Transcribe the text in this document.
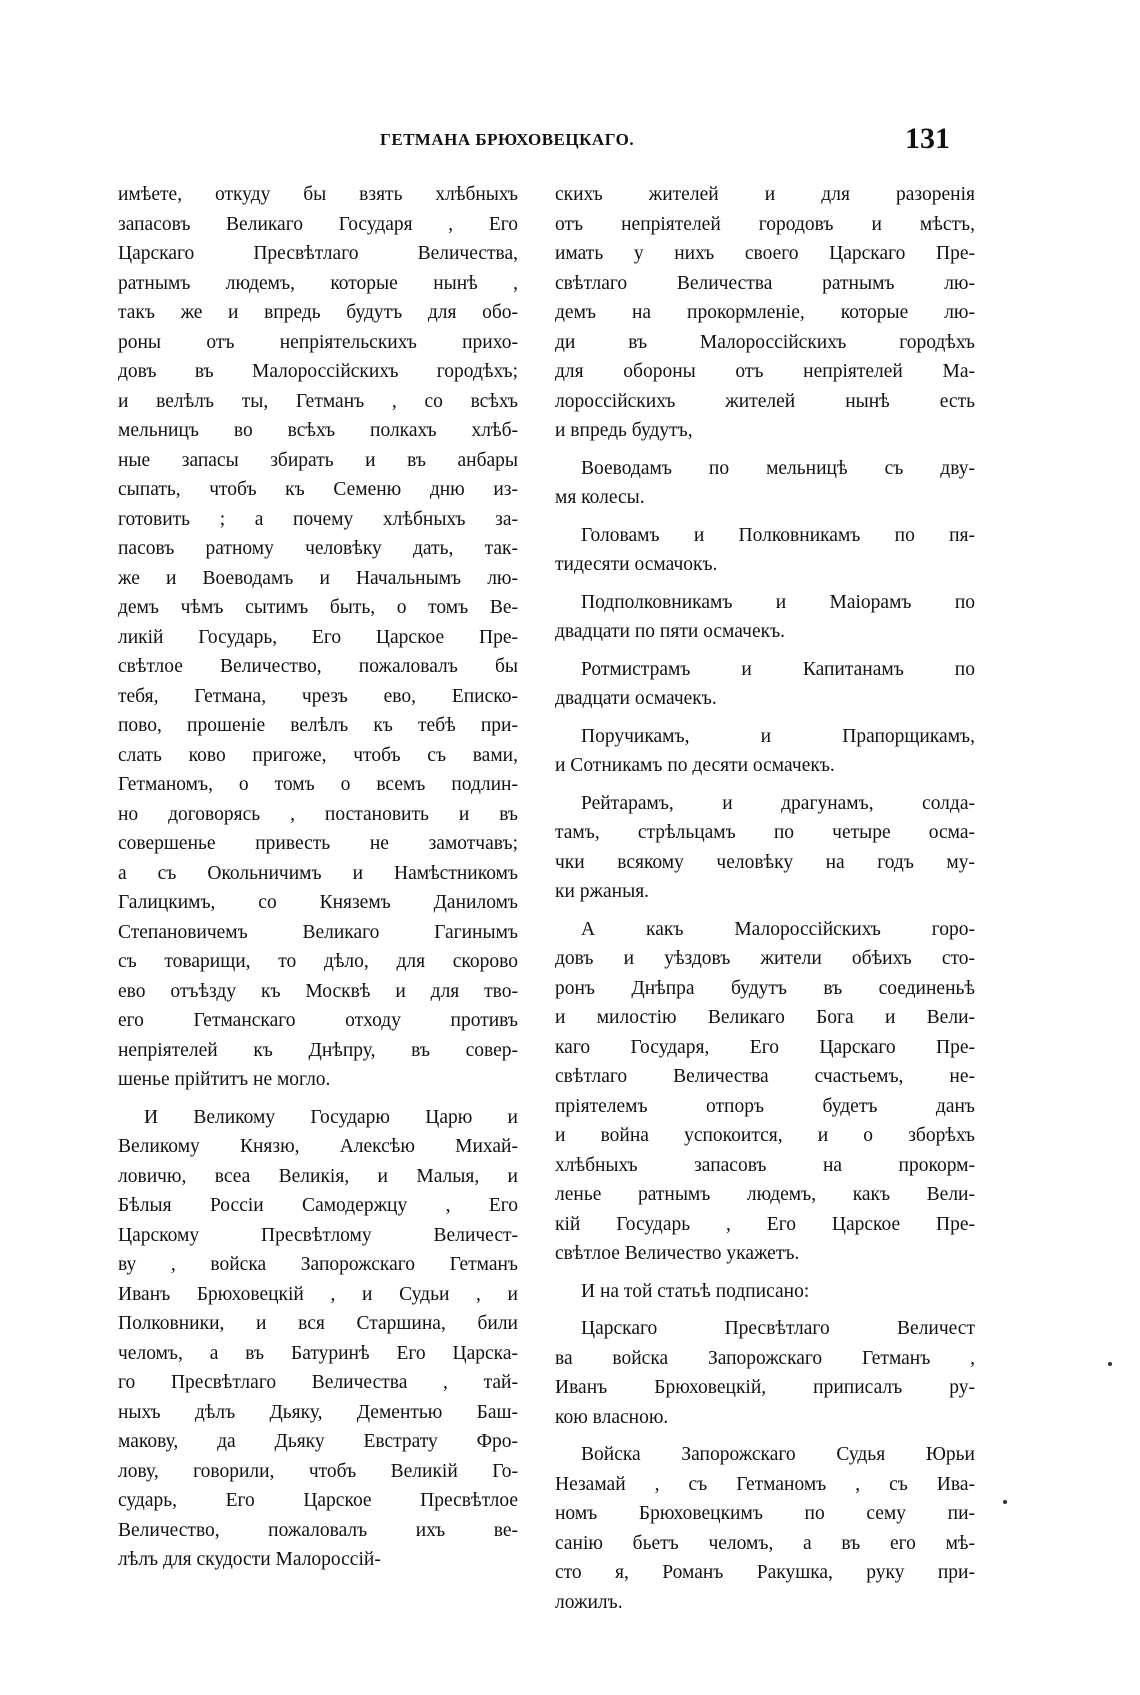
ГЕТМАНА БРЮХОВЕЦКАГО.	131
имѣете, откуду бы взять хлѣбныхъ
запасовъ Великаго Государя , Его
Царскаго Пресвѣтлаго Величества,
ратнымъ людемъ, которые нынѣ ,
такъ же и впредь будутъ для обо-
роны отъ непріятельскихъ прихо-
довъ въ Малороссійскихъ городѣхъ;
и велѣлъ ты, Гетманъ , со всѣхъ
мельницъ во всѣхъ полкахъ хлѣб-
ные запасы збирать и въ анбары
сыпать, чтобъ къ Семеню дню из-
готовить ; а почему хлѣбныхъ за-
пасовъ ратному человѣку дать, так-
же и Воеводамъ и Начальнымъ лю-
демъ чѣмъ сытимъ быть, о томъ Ве-
ликій Государь, Его Царское Пре-
свѣтлое Величество, пожаловалъ бы
тебя, Гетмана, чрезъ ево, Еписко-
пово, прошеніе велѣлъ къ тебѣ при-
слать ково пригоже, чтобъ съ вами,
Гетманомъ, о томъ о всемъ подлин-
но договорясь , постановить и въ
совершенье привесть не замотчавъ;
а съ Окольничимъ и Намѣстникомъ
Галицкимъ, со Княземъ Даниломъ
Степановичемъ Великаго Гагинымъ
съ товарищи, то дѣло, для скорово
ево отъѣзду къ Москвѣ и для тво-
его Гетманскаго отходу противъ
непріятелей къ Днѣпру, въ совер-
шенье прійтитъ не могло.
И Великому Государю Царю и
Великому Князю, Алексѣю Михай-
ловичю, всеа Великія, и Малыя, и
Бѣлыя Россіи Самодержцу , Его
Царскому Пресвѣтлому Величест-
ву , войска Запорожскаго Гетманъ
Иванъ Брюховецкій , и Судьи , и
Полковники, и вся Старшина, били
челомъ, а въ Батуринѣ Его Царска-
го Пресвѣтлаго Величества , тай-
ныхъ дѣлъ Дьяку, Дементью Баш-
макову, да Дьяку Евстрату Фро-
лову, говорили, чтобъ Великій Го-
сударь, Его Царское Пресвѣтлое
Величество, пожаловалъ ихъ ве-
лѣлъ для скудости Малороссій-
скихъ жителей и для разоренія
отъ непріятелей городовъ и мѣстъ,
имать у нихъ своего Царскаго Пре-
свѣтлаго Величества ратнымъ лю-
демъ на прокормленіе, которые лю-
ди въ Малороссійскихъ городѣхъ
для обороны отъ непріятелей Ма-
лороссійскихъ жителей нынѣ есть
и впредь будутъ,
Воеводамъ по мельницѣ съ дву-
мя колесы.
Головамъ и Полковникамъ по пя-
тидесяти осмачокъ.
Подполковникамъ и Маіорамъ по
двадцати по пяти осмачекъ.
Ротмистрамъ и Капитанамъ по
двадцати осмачекъ.
Поручикамъ, и Прапорщикамъ,
и Сотникамъ по десяти осмачекъ.
Рейтарамъ, и драгунамъ, солда-
тамъ, стрѣльцамъ по четыре осма-
чки всякому человѣку на годъ му-
ки ржаныя.
А какъ Малороссійскихъ горо-
довъ и уѣздовъ жители обѣихъ сто-
ронъ Днѣпра будутъ въ соединеньѣ
и милостію Великаго Бога и Вели-
каго Государя, Его Царскаго Пре-
свѣтлаго Величества счастьемъ, не-
пріятелемъ отпоръ будетъ данъ
и война успокоится, и о зборѣхъ
хлѣбныхъ запасовъ на прокорм-
ленье ратнымъ людемъ, какъ Вели-
кій Государь , Его Царское Пре-
свѣтлое Величество укажетъ.
И на той статьѣ подписано:
Царскаго Пресвѣтлаго Величест
ва войска Запорожскаго Гетманъ ,
Иванъ Брюховецкій, приписалъ ру-
кою власною.
Войска Запорожскаго Судья Юрьи
Незамай , съ Гетманомъ , съ Ива-
номъ Брюховецкимъ по сему пи-
санію бьетъ челомъ, а въ его мѣ-
сто я, Романъ Ракушка, руку при-
ложилъ.
